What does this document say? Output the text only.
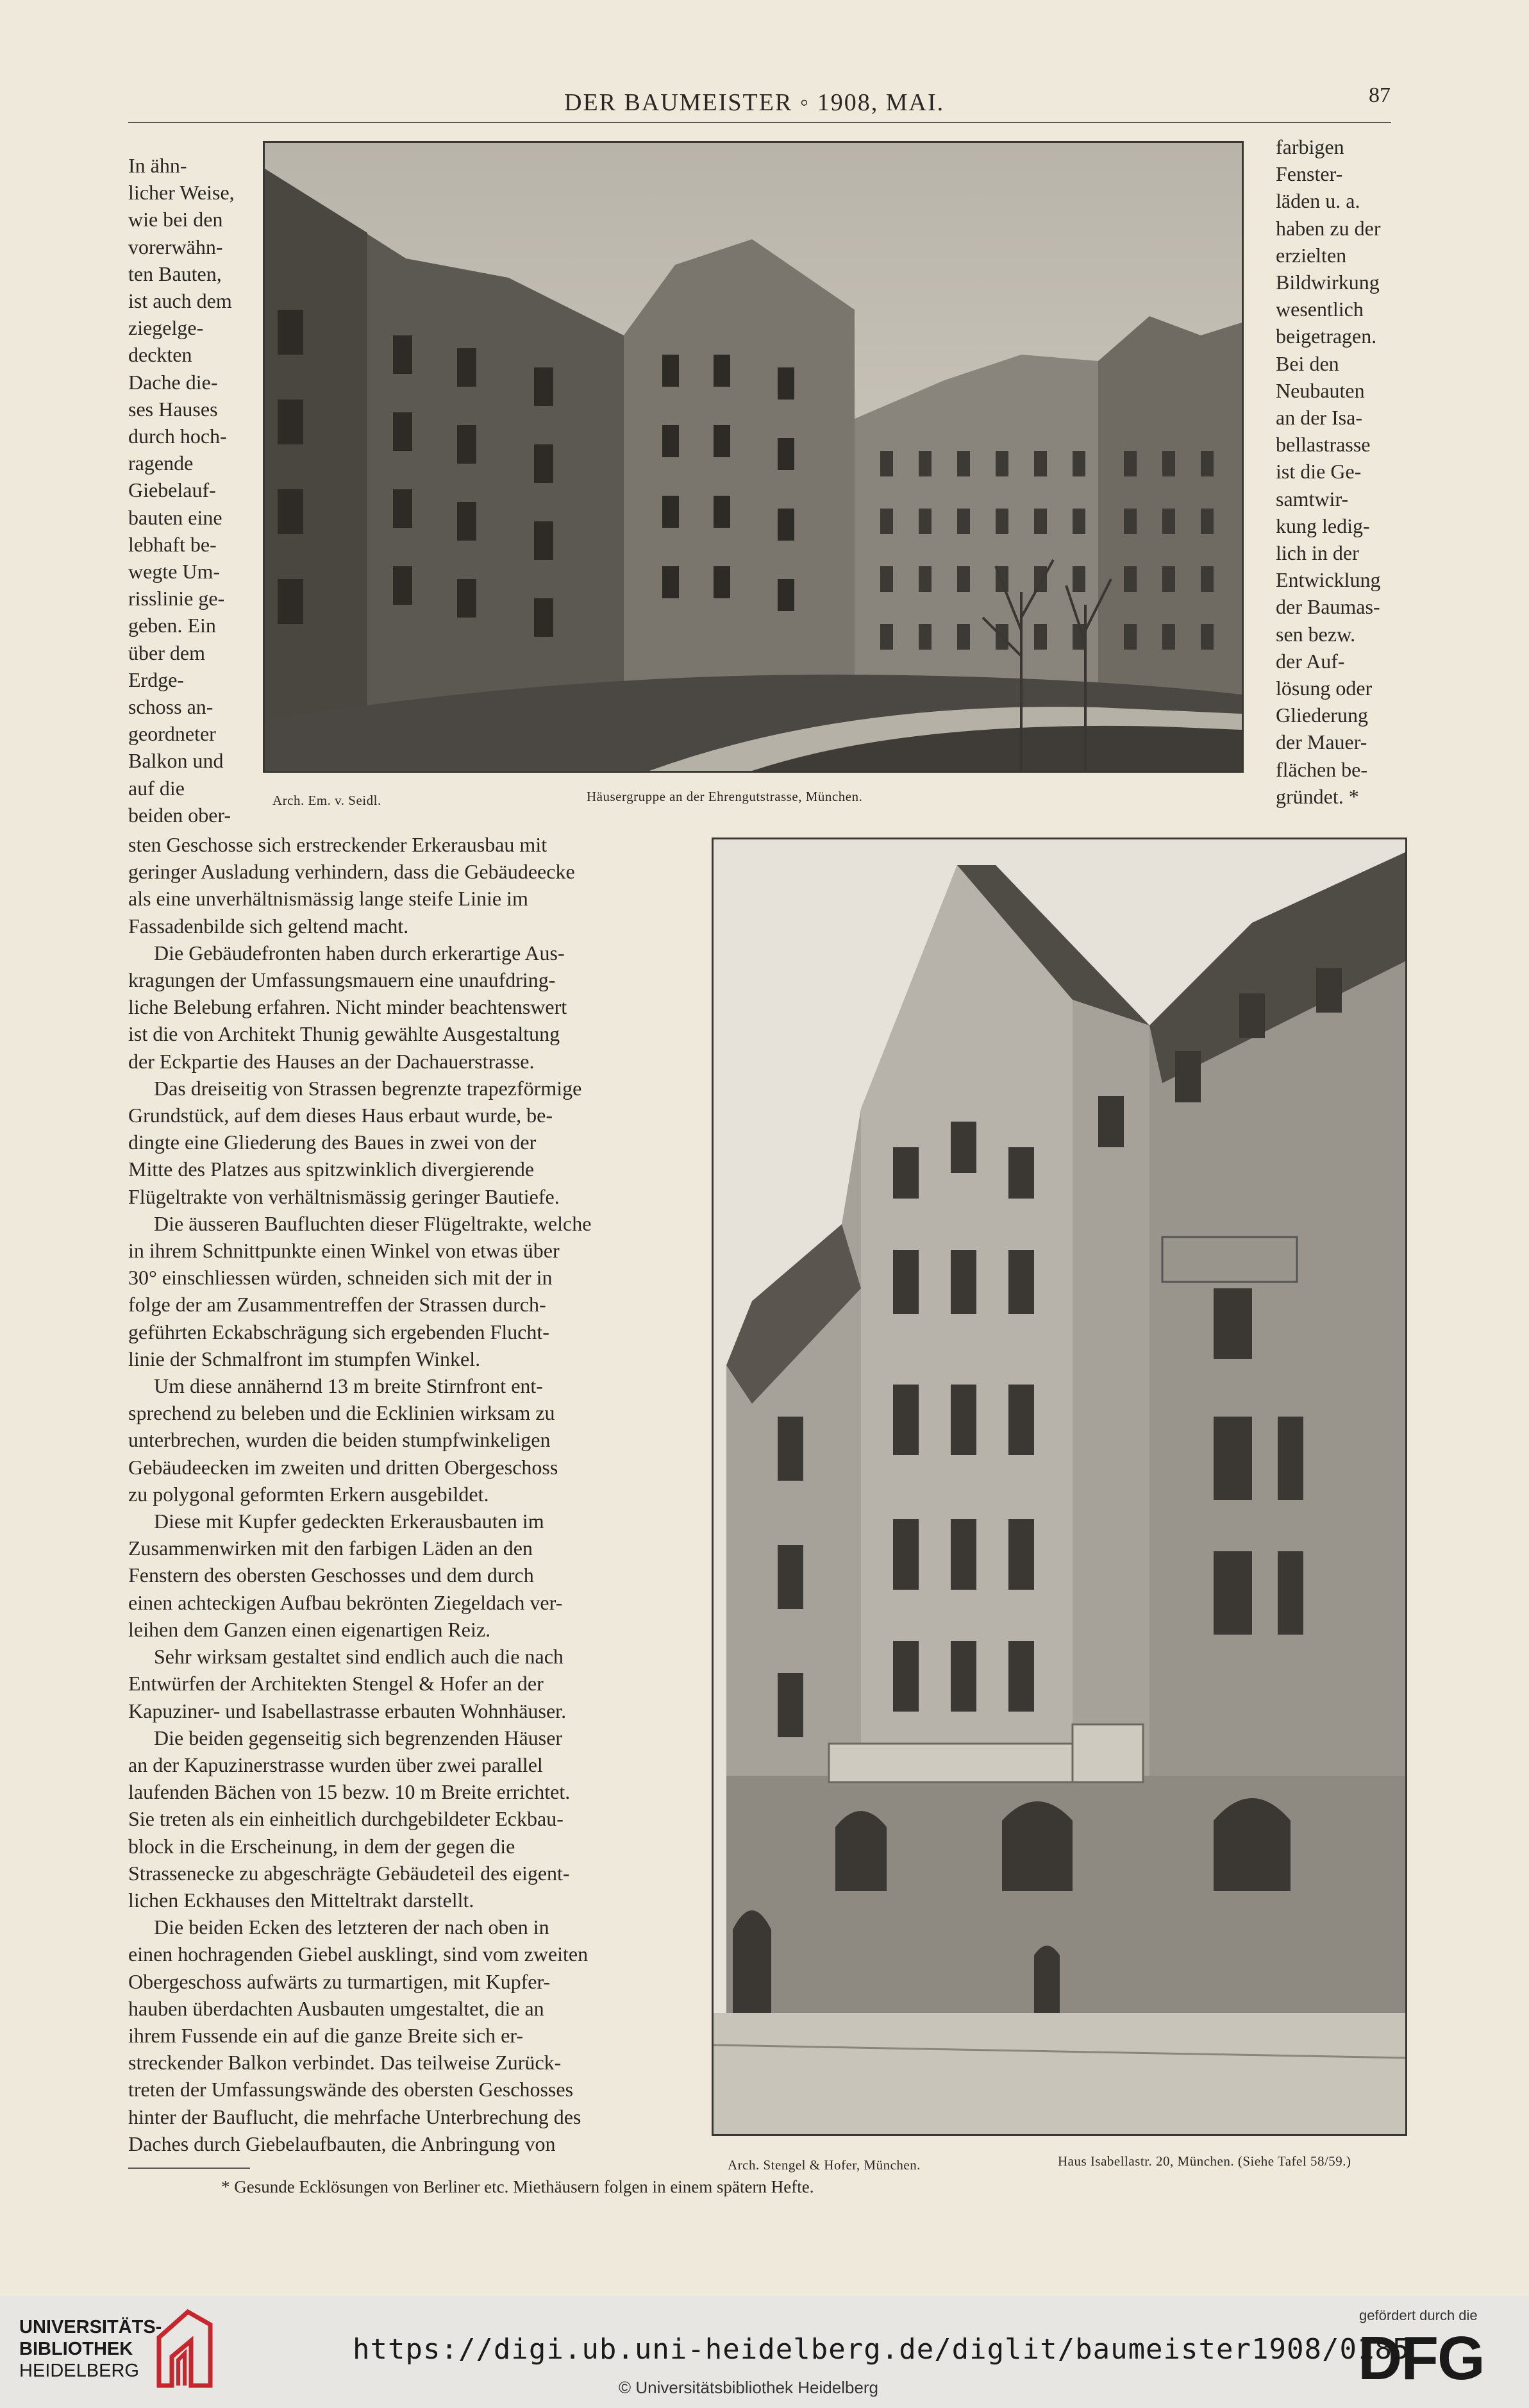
DER BAUMEISTER ◦ 1908, MAI.	87

In ähn-

licher Weise,

wie bei den

vorerwähn-

ten Bauten,

ist auch dem

ziegelge-

deckten

Dache die-

ses Hauses

durch hoch-

ragende

Giebelauf-

bauten eine

lebhaft be-

wegte Um-

risslinie ge-

geben. Ein

über dem

Erdge-

schoss an-

geordneter

Balkon und

auf die

beiden ober-

farbigen

Fenster-

läden u. a.

haben zu der

erzielten

Bildwirkung

wesentlich

beigetragen.

Bei den

Neubauten

an der Isa-

bellastrasse

ist die Ge-

samtwir-

kung ledig-

lich in der

Entwicklung

der Baumas-

sen bezw.

der Auf-

lösung oder

Gliederung

der Mauer-

flächen be-

gründet. *

Arch. Em. v. Seidl.	Häusergruppe an der Ehrengutstrasse, München.

sten Geschosse sich erstreckender Erkerausbau mit

geringer Ausladung verhindern, dass die Gebäudeecke

als eine unverhältnismässig lange steife Linie im

Fassadenbilde sich geltend macht.

Die Gebäudefronten haben durch erkerartige Aus-

kragungen der Umfassungsmauern eine unaufdring-

liche Belebung erfahren. Nicht minder beachtenswert

ist die von Architekt Thunig gewählte Ausgestaltung

der Eckpartie des Hauses an der Dachauerstrasse.

Das dreiseitig von Strassen begrenzte trapezförmige

Grundstück, auf dem dieses Haus erbaut wurde, be-

dingte eine Gliederung des Baues in zwei von der

Mitte des Platzes aus spitzwinklich divergierende

Flügeltrakte von verhältnismässig geringer Bautiefe.

Die äusseren Baufluchten dieser Flügeltrakte, welche

in ihrem Schnittpunkte einen Winkel von etwas über

30° einschliessen würden, schneiden sich mit der in

folge der am Zusammentreffen der Strassen durch-

geführten Eckabschrägung sich ergebenden Flucht-

linie der Schmalfront im stumpfen Winkel.

Um diese annähernd 13 m breite Stirnfront ent-

sprechend zu beleben und die Ecklinien wirksam zu

unterbrechen, wurden die beiden stumpfwinkeligen

Gebäudeecken im zweiten und dritten Obergeschoss

zu polygonal geformten Erkern ausgebildet.

Diese mit Kupfer gedeckten Erkerausbauten im

Zusammenwirken mit den farbigen Läden an den

Fenstern des obersten Geschosses und dem durch

einen achteckigen Aufbau bekrönten Ziegeldach ver-

leihen dem Ganzen einen eigenartigen Reiz.

Sehr wirksam gestaltet sind endlich auch die nach

Entwürfen der Architekten Stengel & Hofer an der

Kapuziner- und Isabellastrasse erbauten Wohnhäuser.

Die beiden gegenseitig sich begrenzenden Häuser

an der Kapuzinerstrasse wurden über zwei parallel

laufenden Bächen von 15 bezw. 10 m Breite errichtet.

Sie treten als ein einheitlich durchgebildeter Eckbau-

block in die Erscheinung, in dem der gegen die

Strassenecke zu abgeschrägte Gebäudeteil des eigent-

lichen Eckhauses den Mitteltrakt darstellt.

Die beiden Ecken des letzteren der nach oben in

einen hochragenden Giebel ausklingt, sind vom zweiten

Obergeschoss aufwärts zu turmartigen, mit Kupfer-

hauben überdachten Ausbauten umgestaltet, die an

ihrem Fussende ein auf die ganze Breite sich er-

streckender Balkon verbindet. Das teilweise Zurück-

treten der Umfassungswände des obersten Geschosses

hinter der Bauflucht, die mehrfache Unterbrechung des

Daches durch Giebelaufbauten, die Anbringung von

Arch. Stengel & Hofer, München.	Haus Isabellastr. 20, München. (Siehe Tafel 58/59.)
* Gesunde Ecklösungen von Berliner etc. Miethäusern folgen in einem spätern Hefte.
UNIVERSITÄTS-
BIBLIOTHEK
HEIDELBERG
https://digi.ub.uni-heidelberg.de/diglit/baumeister1908/0185
© Universitätsbibliothek Heidelberg
gefördert durch die
DFG
